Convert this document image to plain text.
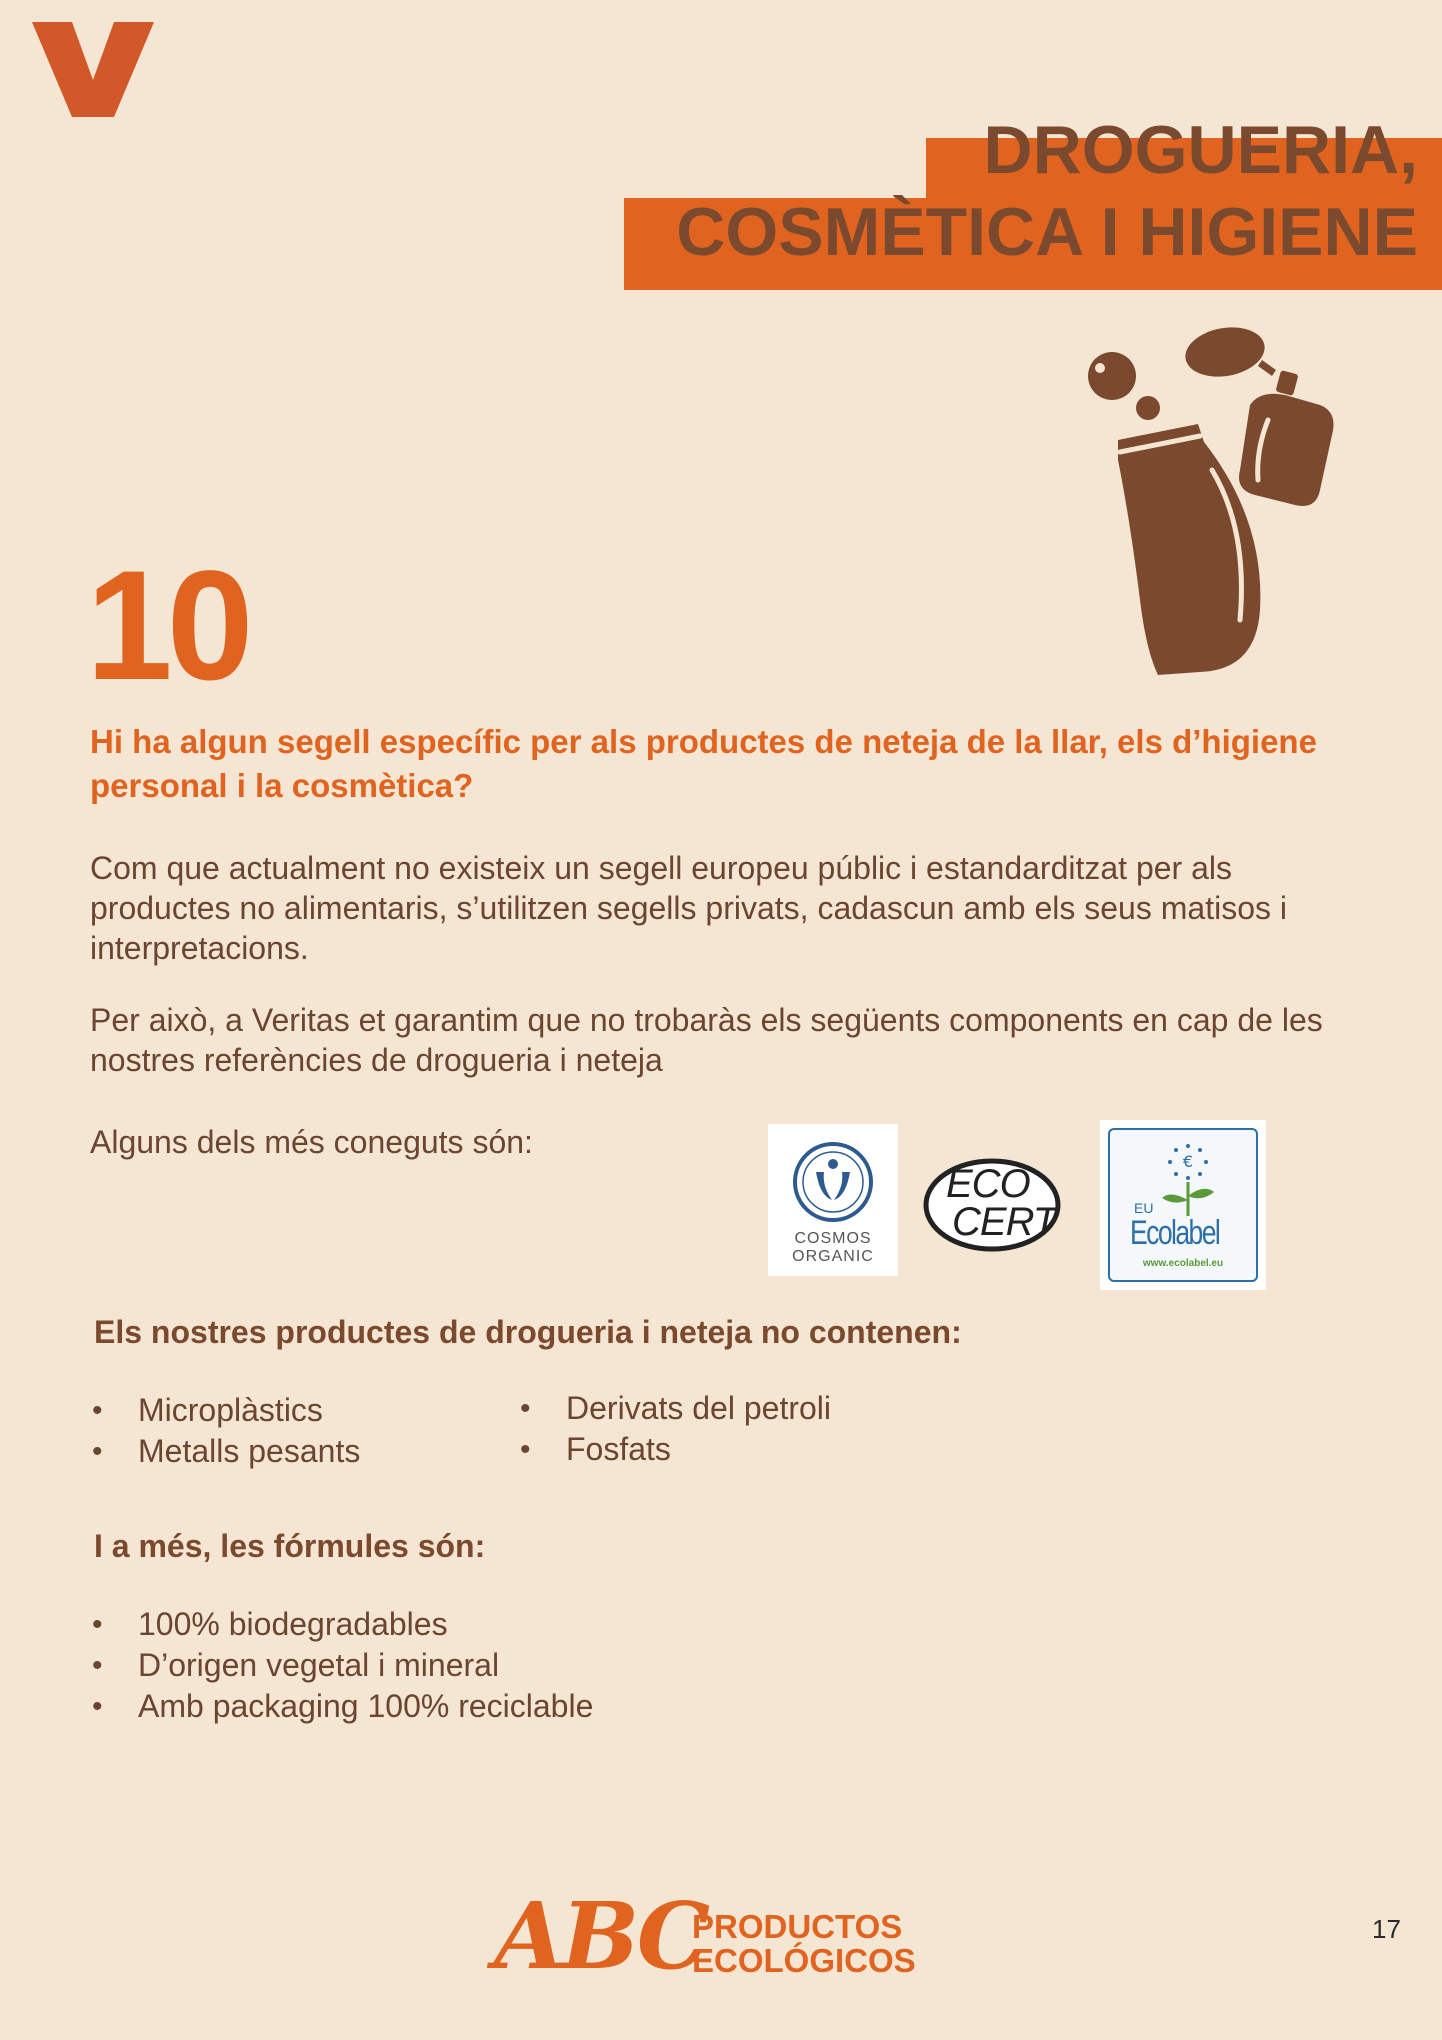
DROGUERIA,
COSMÈTICA I HIGIENE
10
Hi ha algun segell específic per als productes de neteja de la llar, els d’higiene personal i la cosmètica?
Com que actualment no existeix un segell europeu públic i estandarditzat per als productes no alimentaris, s’utilitzen segells privats, cadascun amb els seus matisos i interpretacions.
Per això, a Veritas et garantim que no trobaràs els següents components en cap de les nostres referències de drogueria i neteja
Alguns dels més coneguts són:
COSMOS
ORGANIC
ECO
CERT
€
EU
Ecolabel
www.ecolabel.eu
Els nostres productes de drogueria i neteja no contenen:
• Microplàstics
• Metalls pesants
• Derivats del petroli
• Fosfats
I a més, les fórmules són:
• 100% biodegradables
• D’origen vegetal i mineral
• Amb packaging 100% reciclable
ABC
PRODUCTOS
ECOLÓGICOS
17
